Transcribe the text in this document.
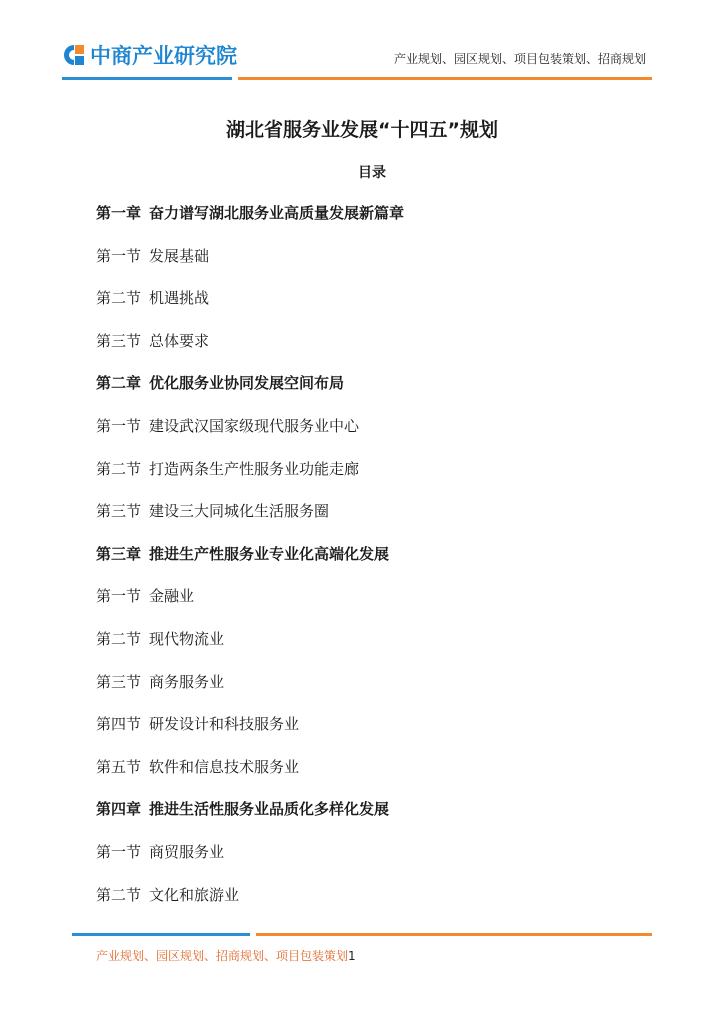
中商产业研究院	产业规划、园区规划、项目包装策划、招商规划
湖北省服务业发展“十四五”规划
目录
第一章 奋力谱写湖北服务业高质量发展新篇章
第一节 发展基础
第二节 机遇挑战
第三节 总体要求
第二章 优化服务业协同发展空间布局
第一节 建设武汉国家级现代服务业中心
第二节 打造两条生产性服务业功能走廊
第三节 建设三大同城化生活服务圈
第三章 推进生产性服务业专业化高端化发展
第一节 金融业
第二节 现代物流业
第三节 商务服务业
第四节 研发设计和科技服务业
第五节 软件和信息技术服务业
第四章 推进生活性服务业品质化多样化发展
第一节 商贸服务业
第二节 文化和旅游业
产业规划、园区规划、招商规划、项目包装策划1
